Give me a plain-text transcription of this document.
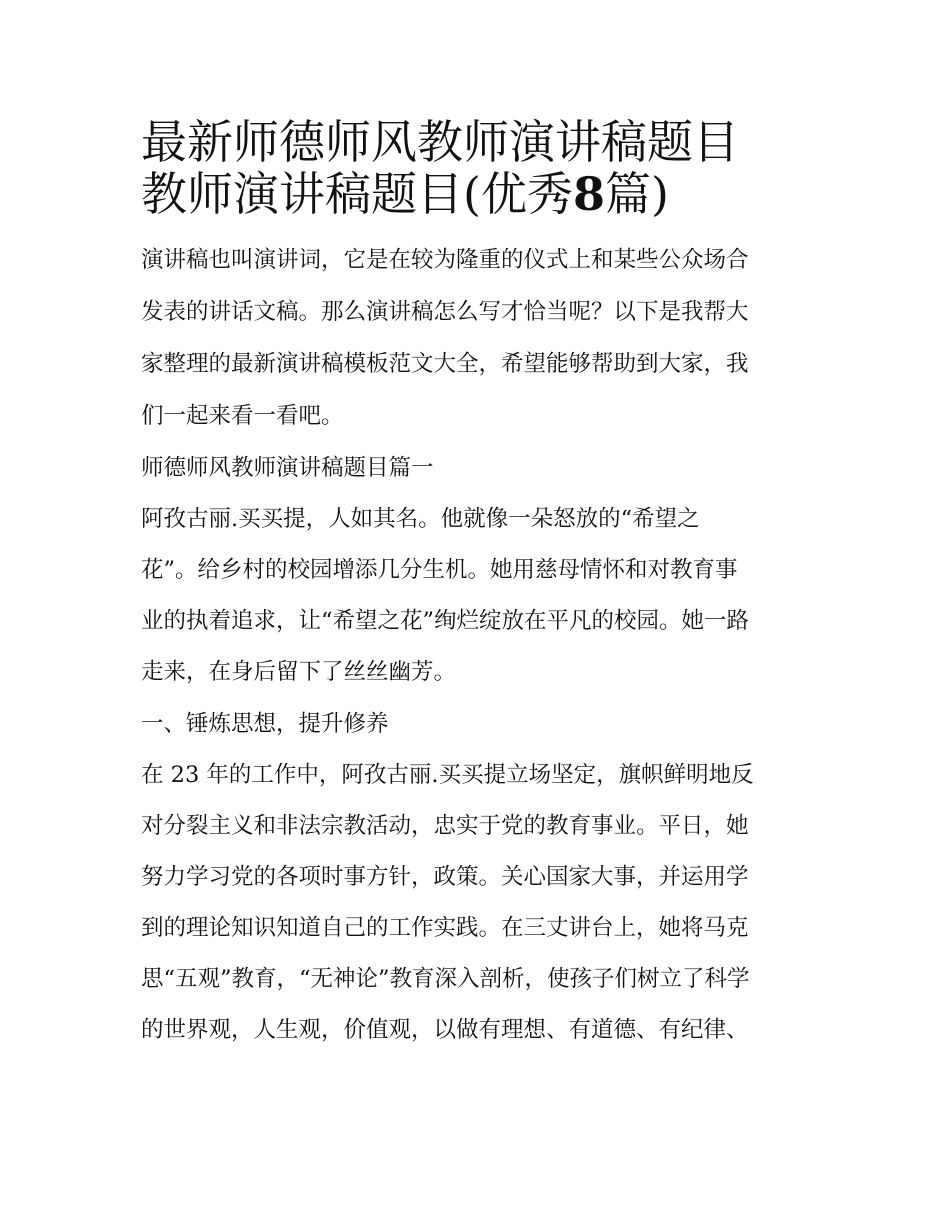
最新师德师风教师演讲稿题目
教师演讲稿题目(优秀8篇)
演讲稿也叫演讲词，它是在较为隆重的仪式上和某些公众场合
发表的讲话文稿。那么演讲稿怎么写才恰当呢？以下是我帮大
家整理的最新演讲稿模板范文大全，希望能够帮助到大家，我
们一起来看一看吧。
师德师风教师演讲稿题目篇一
阿孜古丽.买买提，人如其名。他就像一朵怒放的“希望之
花”。给乡村的校园增添几分生机。她用慈母情怀和对教育事
业的执着追求，让“希望之花”绚烂绽放在平凡的校园。她一路
走来，在身后留下了丝丝幽芳。
一、锤炼思想，提升修养
在 23 年的工作中，阿孜古丽.买买提立场坚定，旗帜鲜明地反
对分裂主义和非法宗教活动，忠实于党的教育事业。平日，她
努力学习党的各项时事方针，政策。关心国家大事，并运用学
到的理论知识知道自己的工作实践。在三丈讲台上，她将马克
思“五观”教育，“无神论”教育深入剖析，使孩子们树立了科学
的世界观，人生观，价值观，以做有理想、有道德、有纪律、
